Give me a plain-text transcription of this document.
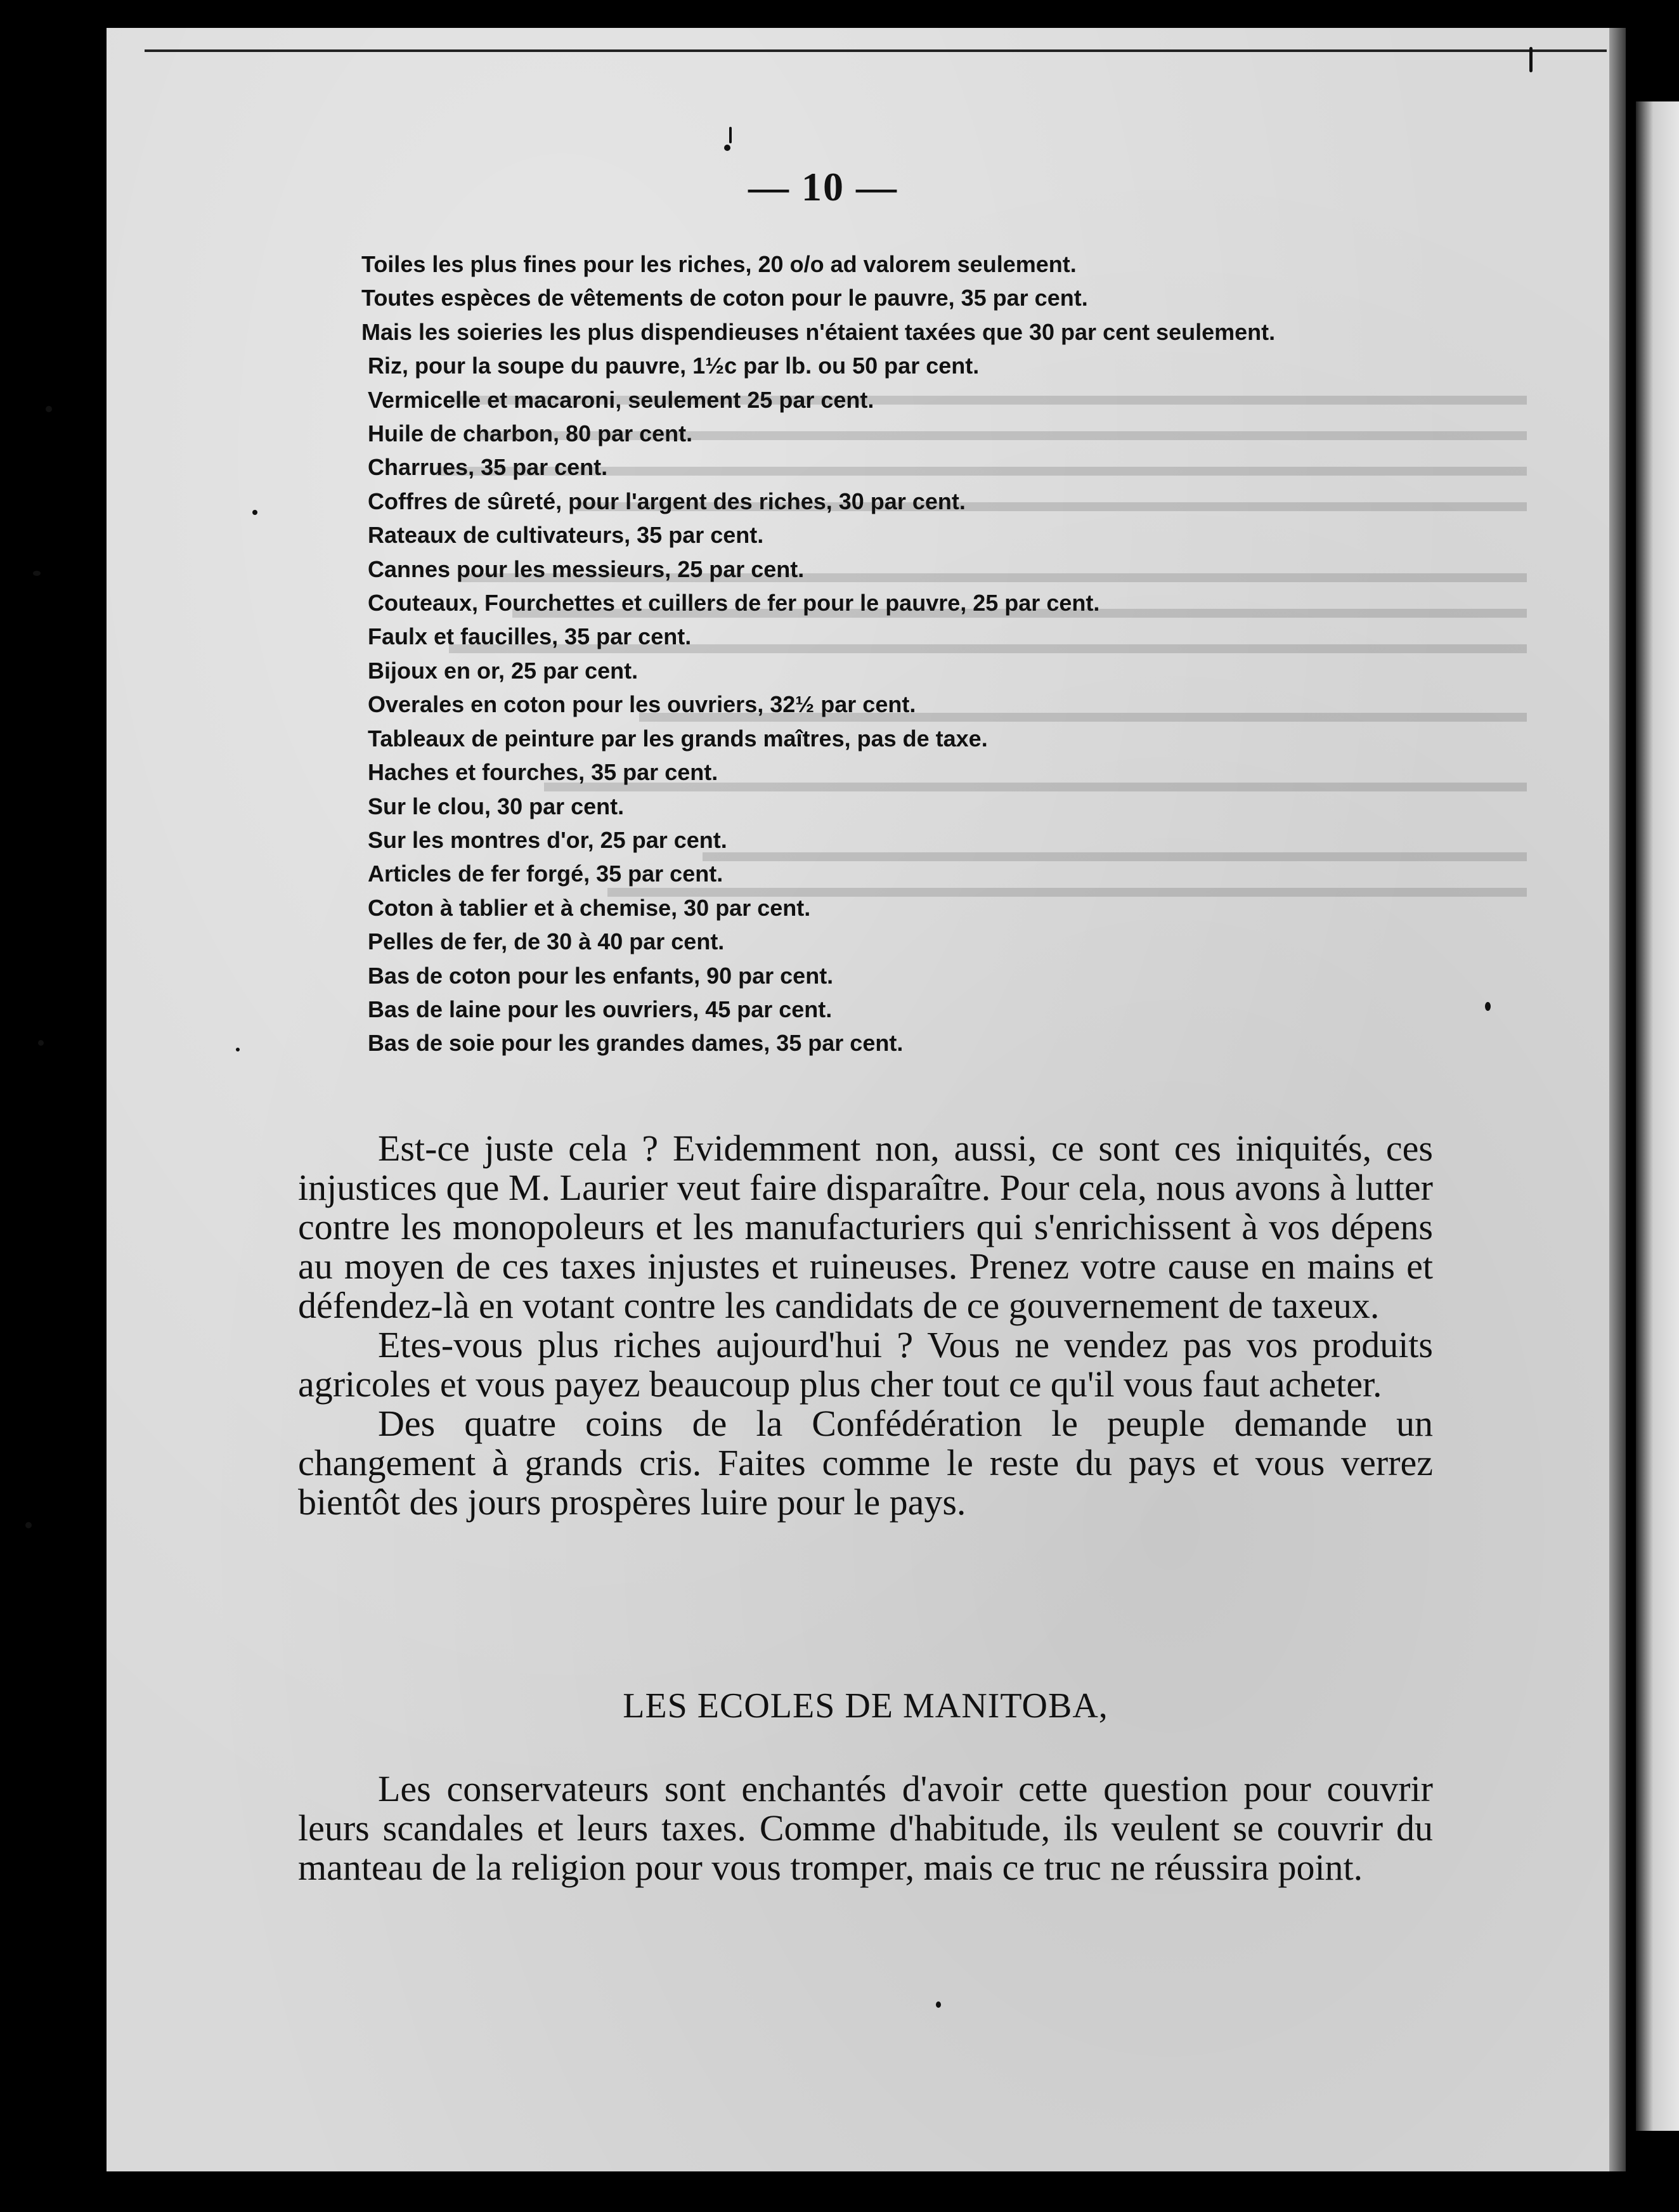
— 10 —
Toiles les plus fines pour les riches, 20 o/o ad valorem seulement.
Toutes espèces de vêtements de coton pour le pauvre, 35 par cent.
Mais les soieries les plus dispendieuses n'étaient taxées que 30 par cent seulement.
Riz, pour la soupe du pauvre, 1½c par lb. ou 50 par cent.
Vermicelle et macaroni, seulement 25 par cent.
Huile de charbon, 80 par cent.
Charrues, 35 par cent.
Coffres de sûreté, pour l'argent des riches, 30 par cent.
Rateaux de cultivateurs, 35 par cent.
Cannes pour les messieurs, 25 par cent.
Couteaux, Fourchettes et cuillers de fer pour le pauvre, 25 par cent.
Faulx et faucilles, 35 par cent.
Bijoux en or, 25 par cent.
Overales en coton pour les ouvriers, 32½ par cent.
Tableaux de peinture par les grands maîtres, pas de taxe.
Haches et fourches, 35 par cent.
Sur le clou, 30 par cent.
Sur les montres d'or, 25 par cent.
Articles de fer forgé, 35 par cent.
Coton à tablier et à chemise, 30 par cent.
Pelles de fer, de 30 à 40 par cent.
Bas de coton pour les enfants, 90 par cent.
Bas de laine pour les ouvriers, 45 par cent.
Bas de soie pour les grandes dames, 35 par cent.

Est-ce juste cela ? Evidemment non, aussi, ce sont ces iniquités, ces injustices que M. Laurier veut faire disparaître. Pour cela, nous avons à lutter contre les monopoleurs et les manufacturiers qui s'enrichissent à vos dépens au moyen de ces taxes injustes et ruineuses. Prenez votre cause en mains et défendez-là en votant contre les candidats de ce gouvernement de taxeux.

Etes-vous plus riches aujourd'hui ? Vous ne vendez pas vos produits agricoles et vous payez beaucoup plus cher tout ce qu'il vous faut acheter.

Des quatre coins de la Confédération le peuple demande un changement à grands cris. Faites comme le reste du pays et vous verrez bientôt des jours prospères luire pour le pays.

LES ECOLES DE MANITOBA,

Les conservateurs sont enchantés d'avoir cette question pour couvrir leurs scandales et leurs taxes. Comme d'habitude, ils veulent se couvrir du manteau de la religion pour vous tromper, mais ce truc ne réussira point.
